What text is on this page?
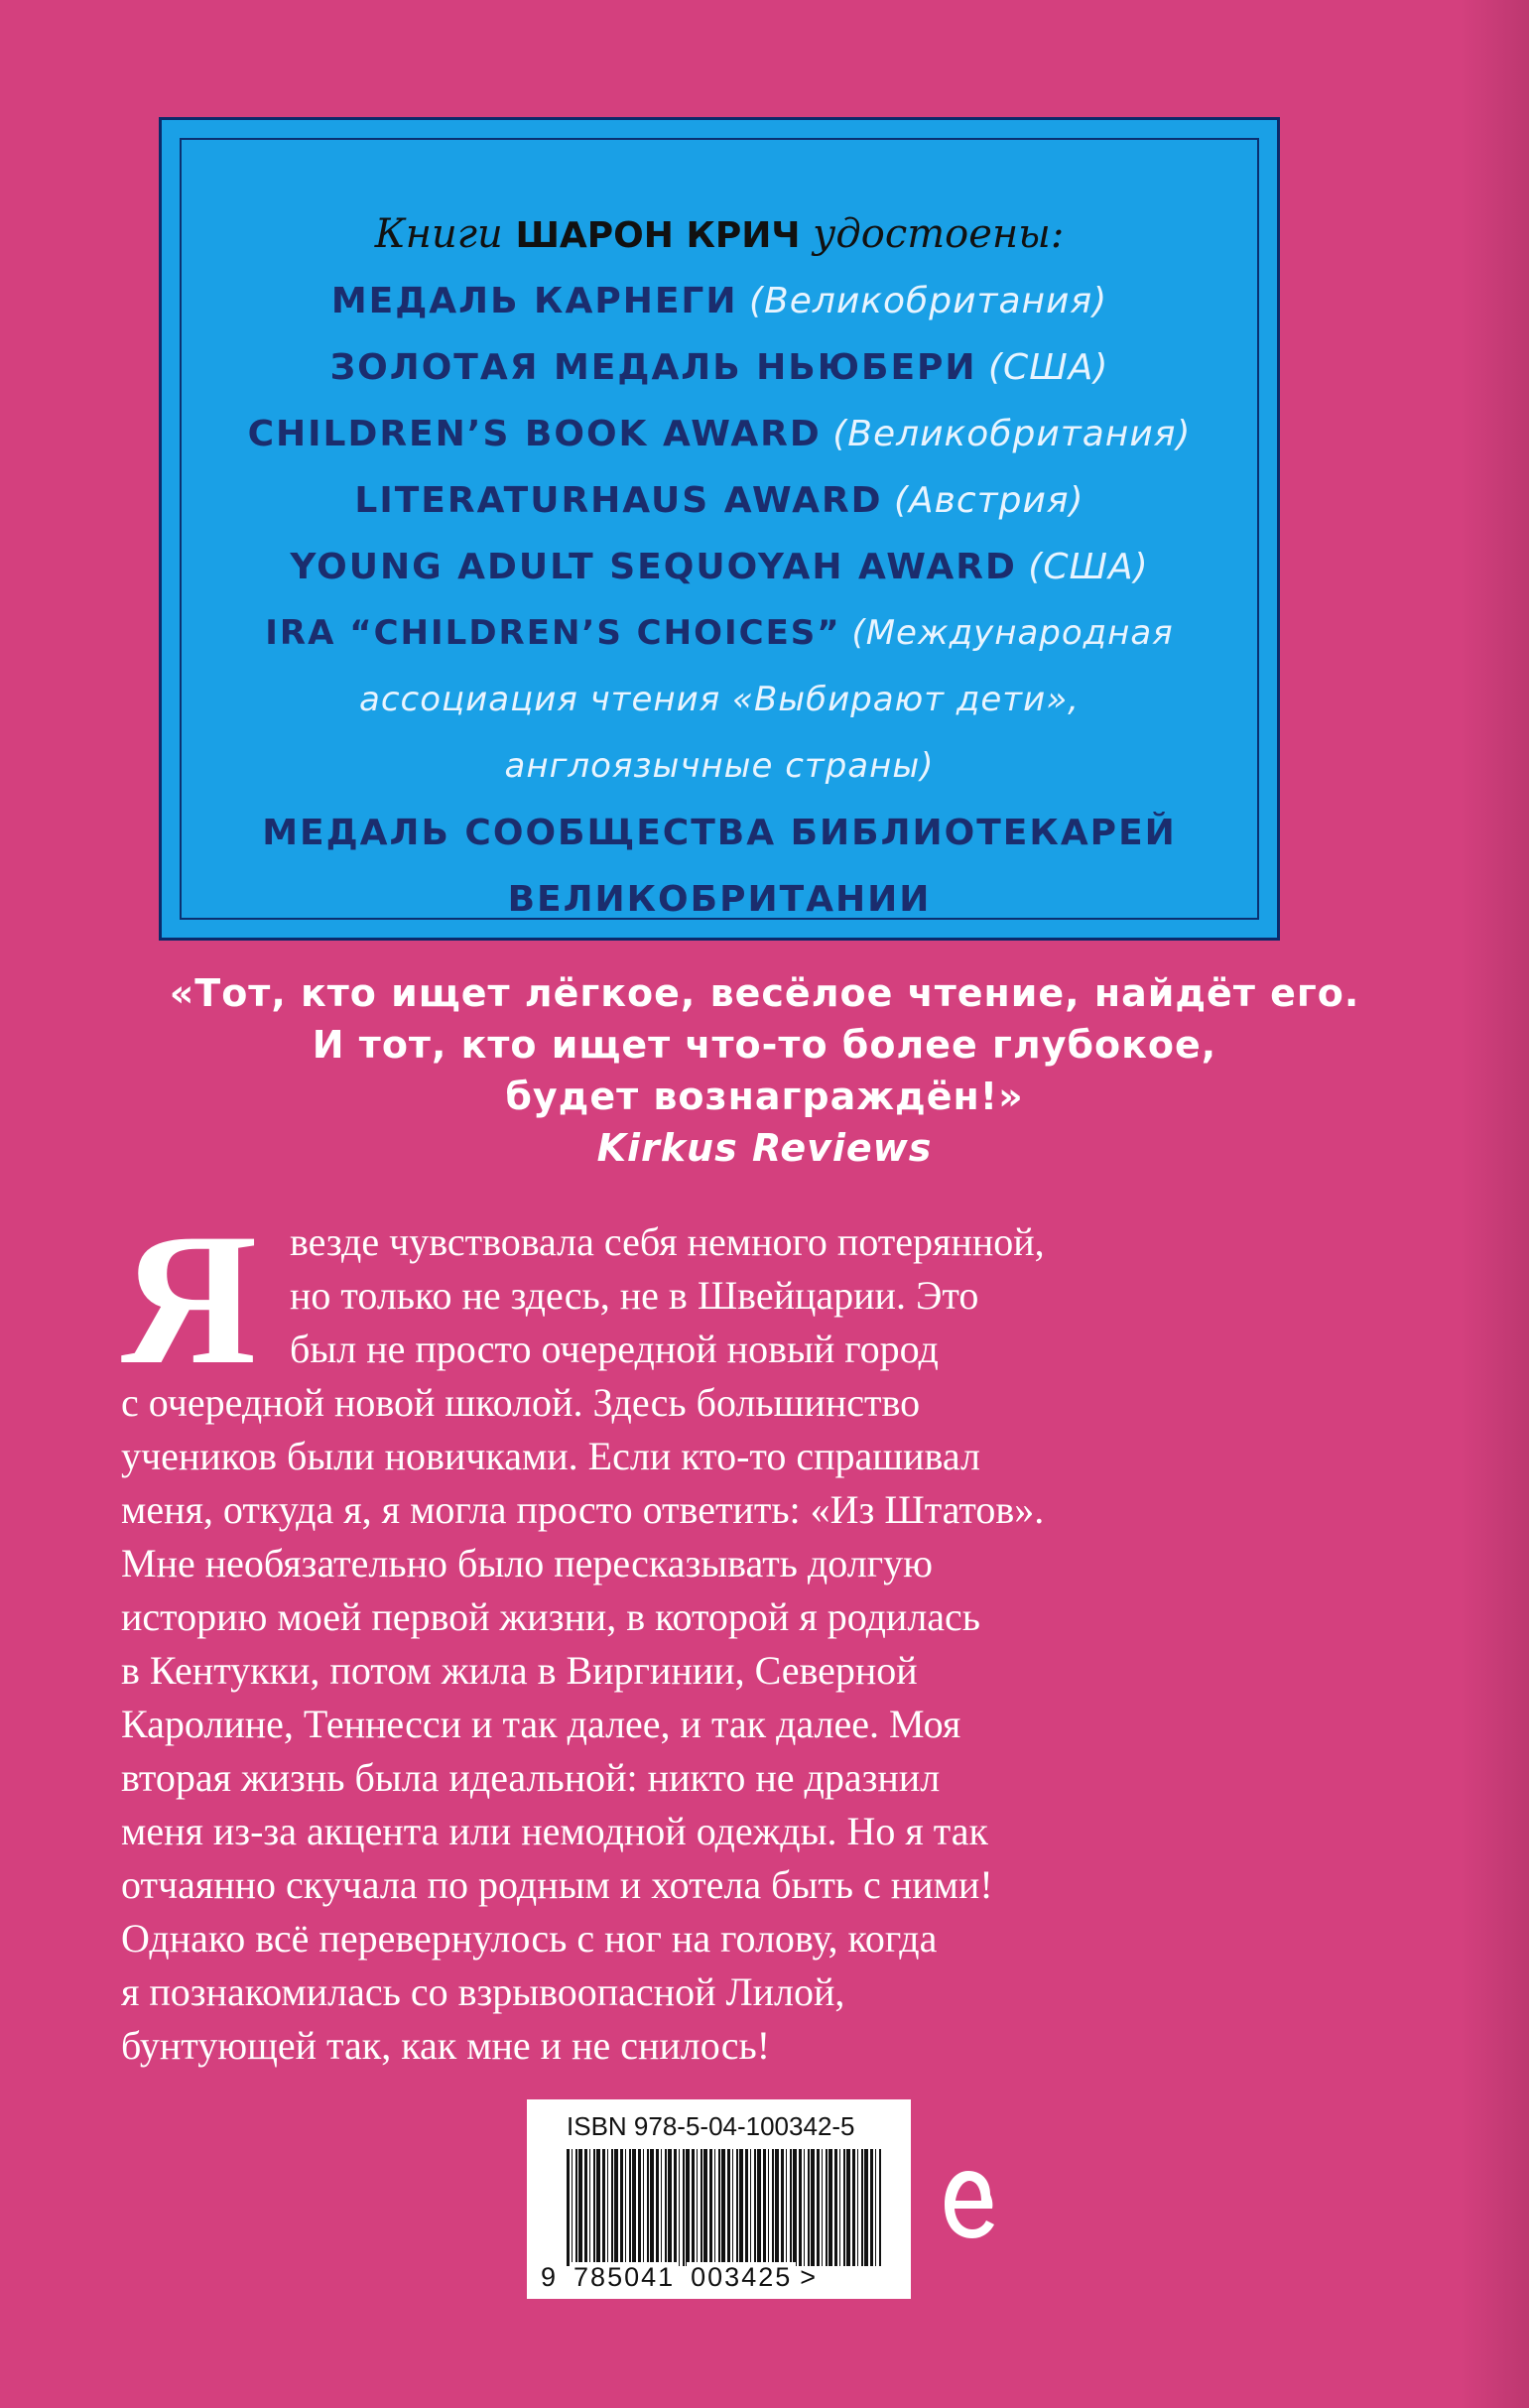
Книги ШАРОН КРИЧ удостоены:
МЕДАЛЬ КАРНЕГИ (Великобритания)
ЗОЛОТАЯ МЕДАЛЬ НЬЮБЕРИ (США)
CHILDREN’S BOOK AWARD (Великобритания)
LITERATURHAUS AWARD (Австрия)
YOUNG ADULT SEQUOYAH AWARD (США)
IRA “CHILDREN’S CHOICES” (Международная
ассоциация чтения «Выбирают дети»,
англоязычные страны)
МЕДАЛЬ СООБЩЕСТВА БИБЛИОТЕКАРЕЙ
ВЕЛИКОБРИТАНИИ
«Тот, кто ищет лёгкое, весёлое чтение, найдёт его.
И тот, кто ищет что-то более глубокое,
будет вознаграждён!»
Kirkus Reviews
Я везде чувствовала себя немного потерянной,
но только не здесь, не в Швейцарии. Это
был не просто очередной новый город
с очередной новой школой. Здесь большинство
учеников были новичками. Если кто-то спрашивал
меня, откуда я, я могла просто ответить: «Из Штатов».
Мне необязательно было пересказывать долгую
историю моей первой жизни, в которой я родилась
в Кентукки, потом жила в Виргинии, Северной
Каролине, Теннесси и так далее, и так далее. Моя
вторая жизнь была идеальной: никто не дразнил
меня из-за акцента или немодной одежды. Но я так
отчаянно скучала по родным и хотела быть с ними!
Однако всё перевернулось с ног на голову, когда
я познакомилась со взрывоопасной Лилой,
бунтующей так, как мне и не снилось!
ISBN 978-5-04-100342-5
9 785041 003425 >
